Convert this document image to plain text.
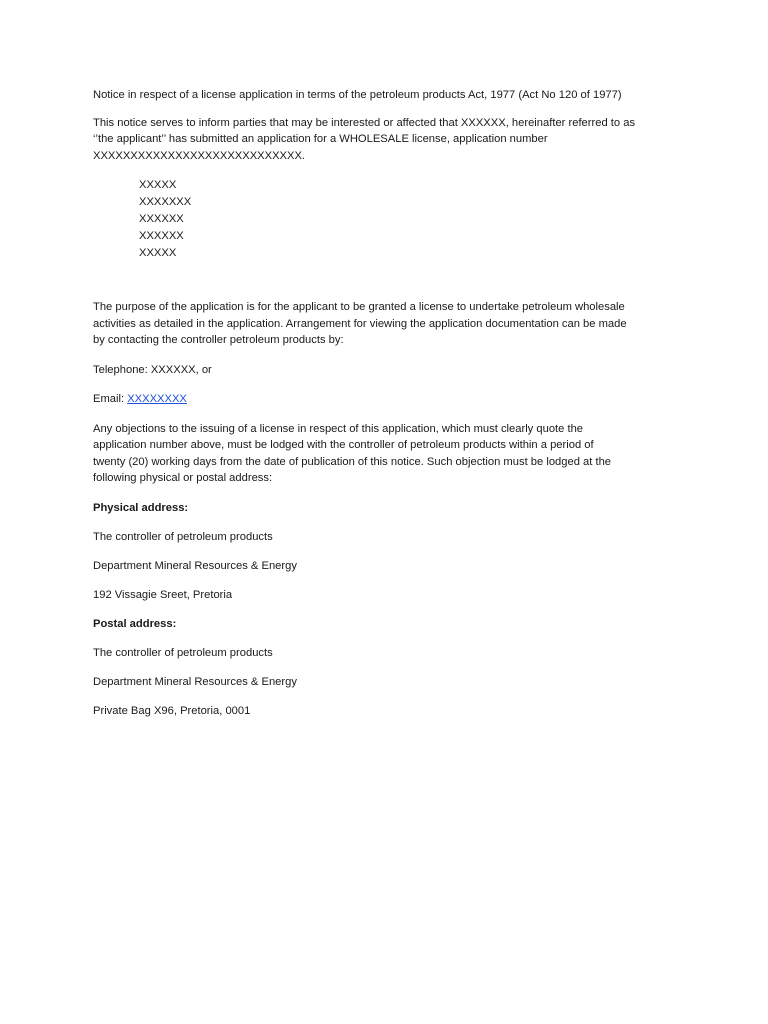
Notice in respect of a license application in terms of the petroleum products Act, 1977 (Act No 120 of 1977)

This notice serves to inform parties that may be interested or affected that XXXXXX, hereinafter referred to as
‘’the applicant’’ has submitted an application for a WHOLESALE license, application number
XXXXXXXXXXXXXXXXXXXXXXXXXXXX.

XXXXX
XXXXXXX
XXXXXX
XXXXXX
XXXXX

The purpose of the application is for the applicant to be granted a license to undertake petroleum wholesale
activities as detailed in the application. Arrangement for viewing the application documentation can be made
by contacting the controller petroleum products by:

Telephone: XXXXXX, or

Email: XXXXXXXX

Any objections to the issuing of a license in respect of this application, which must clearly quote the
application number above, must be lodged with the controller of petroleum products within a period of
twenty (20) working days from the date of publication of this notice. Such objection must be lodged at the
following physical or postal address:

Physical address:

The controller of petroleum products

Department Mineral Resources & Energy

192 Vissagie Sreet, Pretoria

Postal address:

The controller of petroleum products

Department Mineral Resources & Energy

Private Bag X96, Pretoria, 0001
